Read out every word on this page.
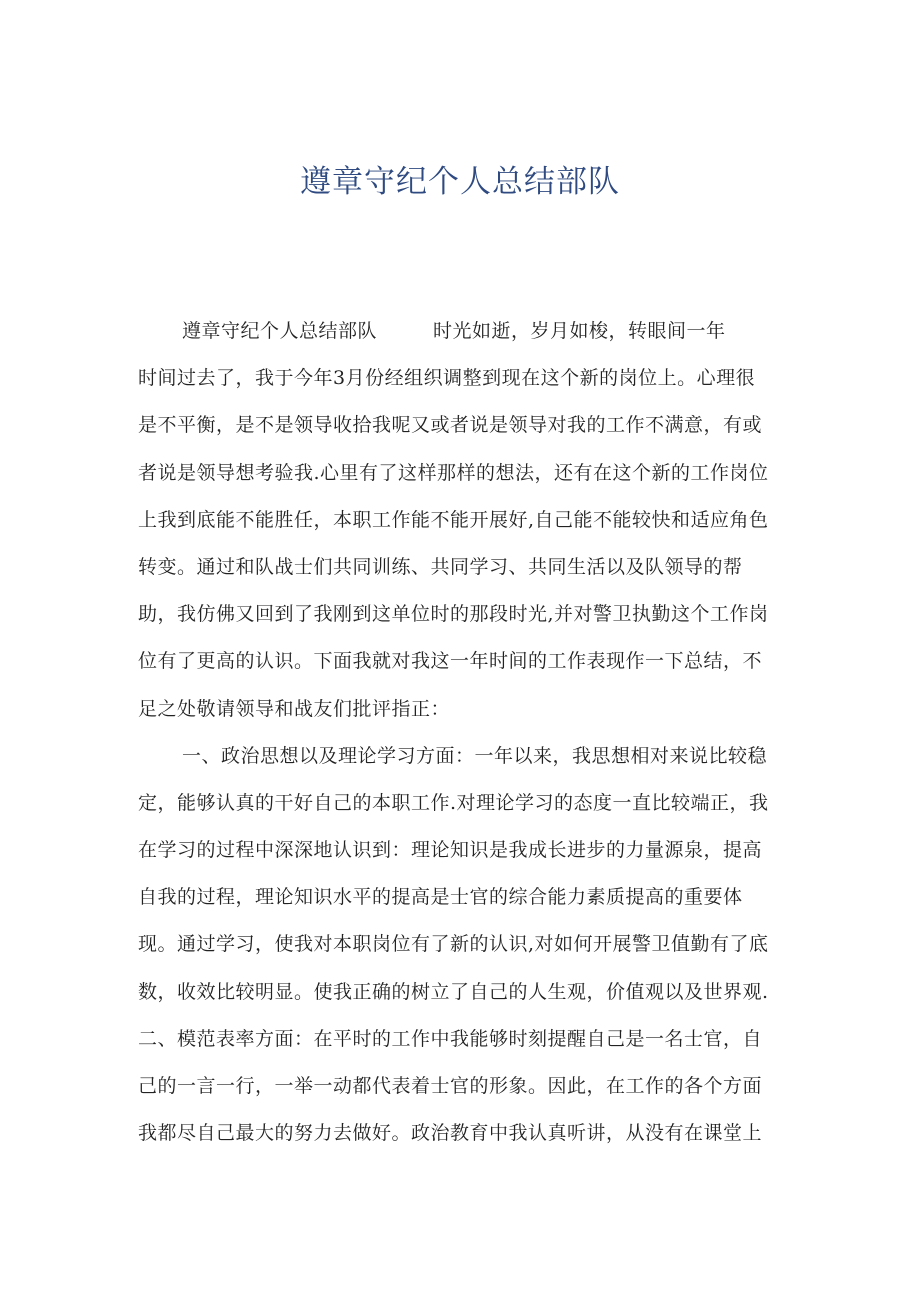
遵章守纪个人总结部队
遵章守纪个人总结部队	时光如逝，岁月如梭，转眼间一年
时间过去了，我于今年3月份经组织调整到现在这个新的岗位上。心理很
是不平衡，是不是领导收拾我呢又或者说是领导对我的工作不满意，有或
者说是领导想考验我.心里有了这样那样的想法，还有在这个新的工作岗位
上我到底能不能胜任，本职工作能不能开展好,自己能不能较快和适应角色
转变。通过和队战士们共同训练、共同学习、共同生活以及队领导的帮
助，我仿佛又回到了我刚到这单位时的那段时光,并对警卫执勤这个工作岗
位有了更高的认识。下面我就对我这一年时间的工作表现作一下总结，不
足之处敬请领导和战友们批评指正：
一、政治思想以及理论学习方面：一年以来，我思想相对来说比较稳
定，能够认真的干好自己的本职工作.对理论学习的态度一直比较端正，我
在学习的过程中深深地认识到：理论知识是我成长进步的力量源泉，提高
自我的过程，理论知识水平的提高是士官的综合能力素质提高的重要体
现。通过学习，使我对本职岗位有了新的认识,对如何开展警卫值勤有了底
数，收效比较明显。使我正确的树立了自己的人生观，价值观以及世界观.
二、模范表率方面：在平时的工作中我能够时刻提醒自己是一名士官，自
己的一言一行，一举一动都代表着士官的形象。因此，在工作的各个方面
我都尽自己最大的努力去做好。政治教育中我认真听讲，从没有在课堂上
